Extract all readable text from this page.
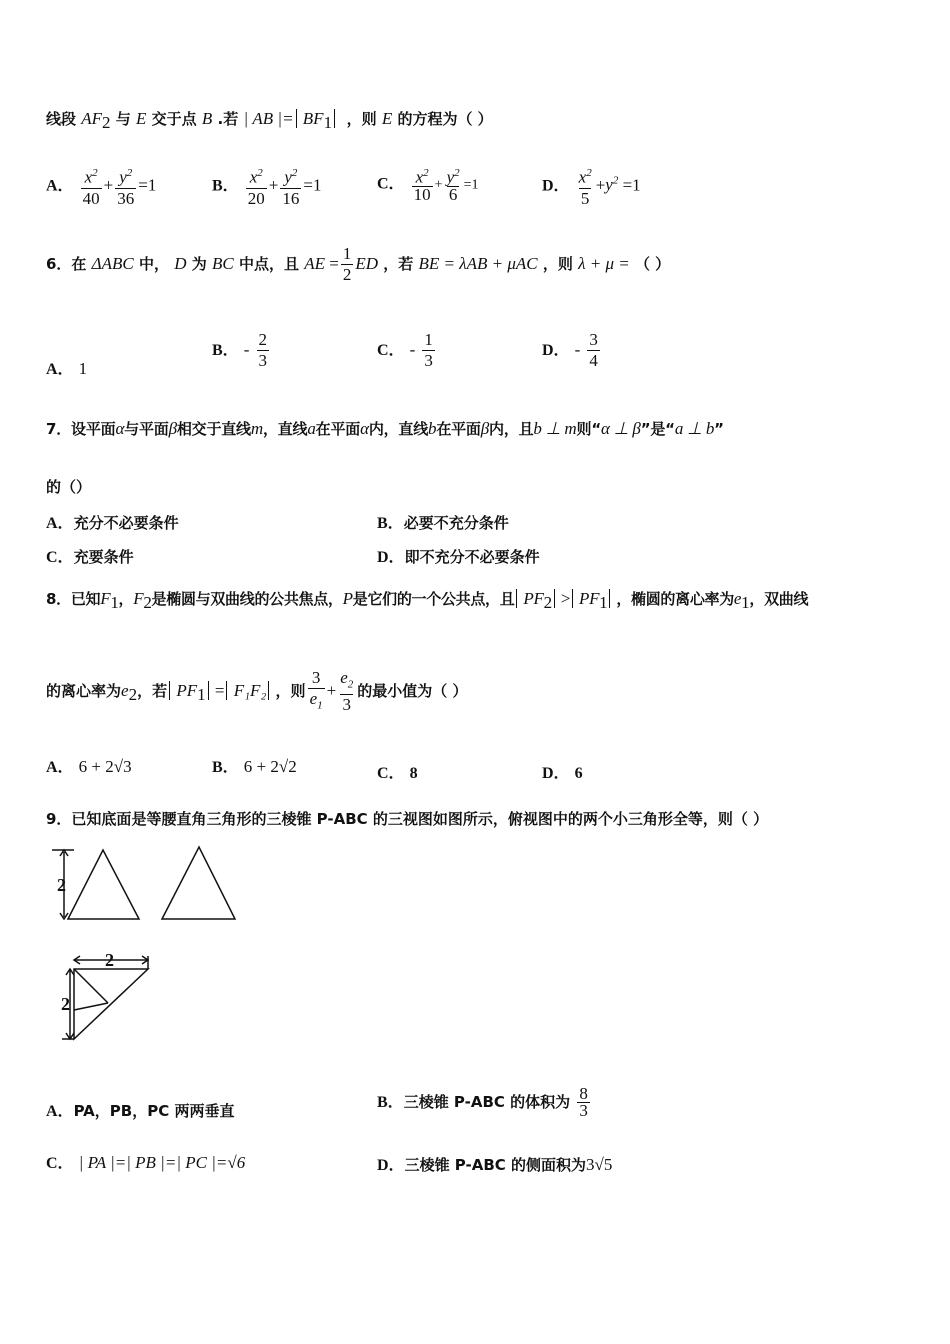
线段 $AF_2$ 与 E 交于点 B .若 | AB |= $BF_1$ ，则 E 的方程为（ ）
A． $\frac{x^2}{40} + \frac{y^2}{36} =1$	B． $\frac{x^2}{20} + \frac{y^2}{16} =1$	C． $\frac{x^2}{10} + \frac{y^2}{6} =1$	D． $\frac{x^2}{5} +y^2 =1$
6．在 ΔABC 中， D 为 BC 中点，且 AE = $\frac{1}{2}$ ED ，若 BE = λAB + μAC ，则 λ + μ = （ ）
A． 1
B． - $\frac{2}{3}$	C． - $\frac{1}{3}$	D． - $\frac{3}{4}$
7．设平面α与平面β相交于直线m，直线a在平面α内，直线b在平面β内，且b ⊥ m则“α ⊥ β”是“a ⊥ b”
的（）
A．充分不必要条件	B．必要不充分条件
C．充要条件	D．即不充分不必要条件
8．已知$F_1$，$F_2$是椭圆与双曲线的公共焦点，P是它们的一个公共点，且 $PF_2 > PF_1$ ，椭圆的离心率为$e_1$，双曲线
的离心率为$e_2$，若 $PF_1 = F_1F_2$ ，则 $\frac{3}{e_1} + \frac{e_2}{3}$ 的最小值为（ ）
A． 6 + 2√3	B． 6 + 2√2	C． 8	D． 6
9．已知底面是等腰直角三角形的三棱锥 P-ABC 的三视图如图所示，俯视图中的两个小三角形全等，则（ ）
2
2
2
A．PA，PB，PC 两两垂直	B．三棱锥 P-ABC 的体积为 $\frac{8}{3}$
C． | PA |=| PB |=| PC |=√6	D．三棱锥 P-ABC 的侧面积为3√5
